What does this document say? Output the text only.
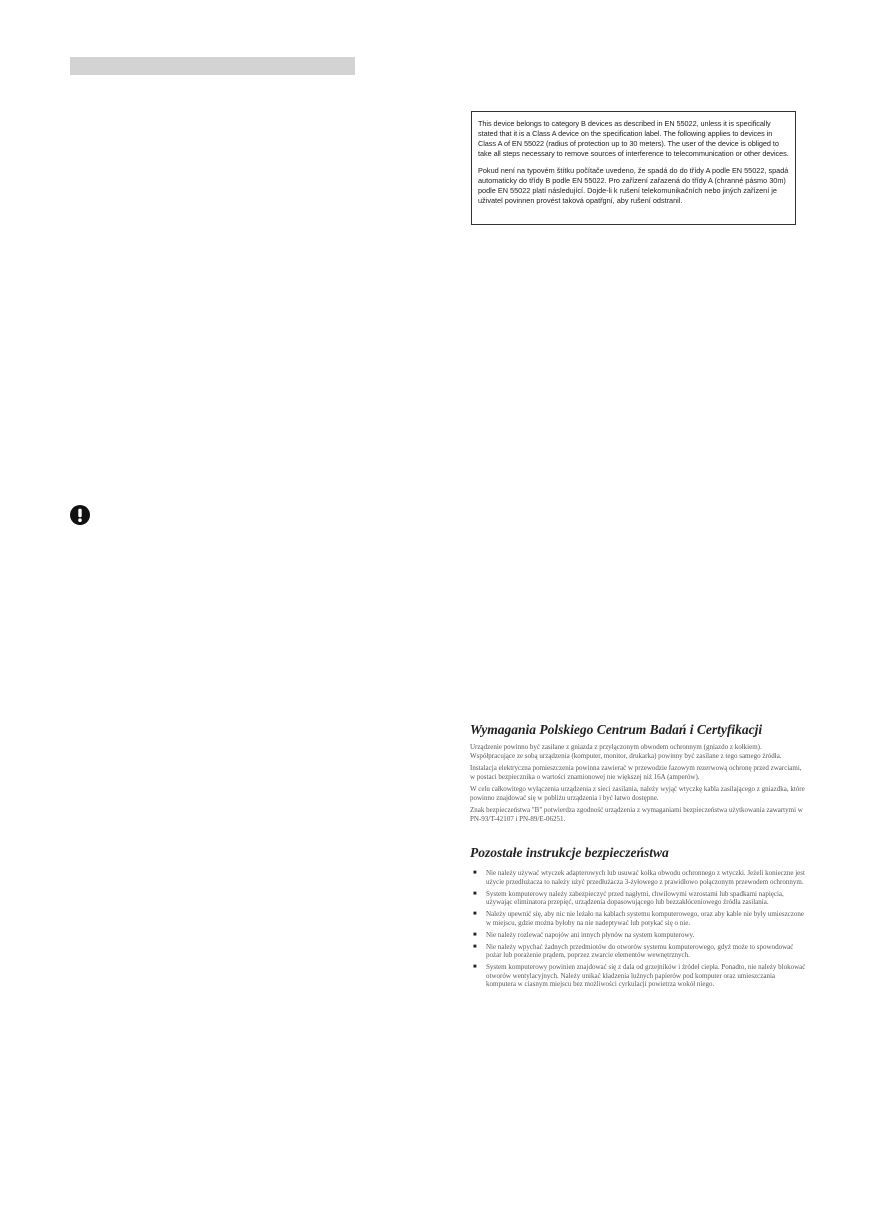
This device belongs to category B devices as described in EN 55022, unless it is specifically stated that it is a Class A device on the specification label. The following applies to devices in Class A of EN 55022 (radius of protection up to 30 meters). The user of the device is obliged to take all steps necessary to remove sources of interference to telecommunication or other devices.

Pokud není na typovém štítku počítače uvedeno, že spadá do do třídy A podle EN 55022, spadá automaticky do třídy B podle EN 55022. Pro zařízení zařazená do třídy A (chranné pásmo 30m) podle EN 55022 platí následující. Dojde-li k rušení telekomunikačních nebo jiných zařízení je uživatel povinnen provést taková opatřgní, aby rušení odstranil.

Wymagania Polskiego Centrum Badań i Certyfikacji

Urządzenie powinno być zasilane z gniazda z przyłączonym obwodem ochronnym (gniazdo z kołkiem). Współpracujące ze sobą urządzenia (komputer, monitor, drukarka) powinny być zasilane z tego samego źródła.

Instalacja elektryczna pomieszczenia powinna zawierać w przewodzie fazowym rezerwową ochronę przed zwarciami, w postaci bezpiecznika o wartości znamionowej nie większej niż 16A (amperów).

W celu całkowitego wyłączenia urządzenia z sieci zasilania, należy wyjąć wtyczkę kabla zasilającego z gniazdka, które powinno znajdować się w pobliżu urządzenia i być łatwo dostępne.

Znak bezpieczeństwa "B" potwierdza zgodność urządzenia z wymaganiami bezpieczeństwa użytkowania zawartymi w PN-93/T-42107 i PN-89/E-06251.

Pozostałe instrukcje bezpieczeństwa
■ Nie należy używać wtyczek adapterowych lub usuwać kołka obwodu ochronnego z wtyczki. Jeżeli konieczne jest użycie przedłużacza to należy użyć przedłużacza 3-żyłowego z prawidłowo połączonym przewodem ochronnym.
■ System komputerowy należy zabezpieczyć przed nagłymi, chwilowymi wzrostami lub spadkami napięcia, używając eliminatora przepięć, urządzenia dopasowującego lub bezzakłóceniowego źródła zasilania.
■ Należy upewnić się, aby nic nie leżało na kablach systemu komputerowego, oraz aby kable nie były umieszczone w miejscu, gdzie można byłoby na nie nadeptywać lub potykać się o nie.
■ Nie należy rozlewać napojów ani innych płynów na system komputerowy.
■ Nie należy wpychać żadnych przedmiotów do otworów systemu komputerowego, gdyż może to spowodować pożar lub porażenie prądem, poprzez zwarcie elementów wewnętrznych.
■ System komputerowy powinien znajdować się z dala od grzejników i źródeł ciepła. Ponadto, nie należy blokować otworów wentylacyjnych. Należy unikać kładzenia luźnych papierów pod komputer oraz umieszczania komputera w ciasnym miejscu bez możliwości cyrkulacji powietrza wokół niego.
